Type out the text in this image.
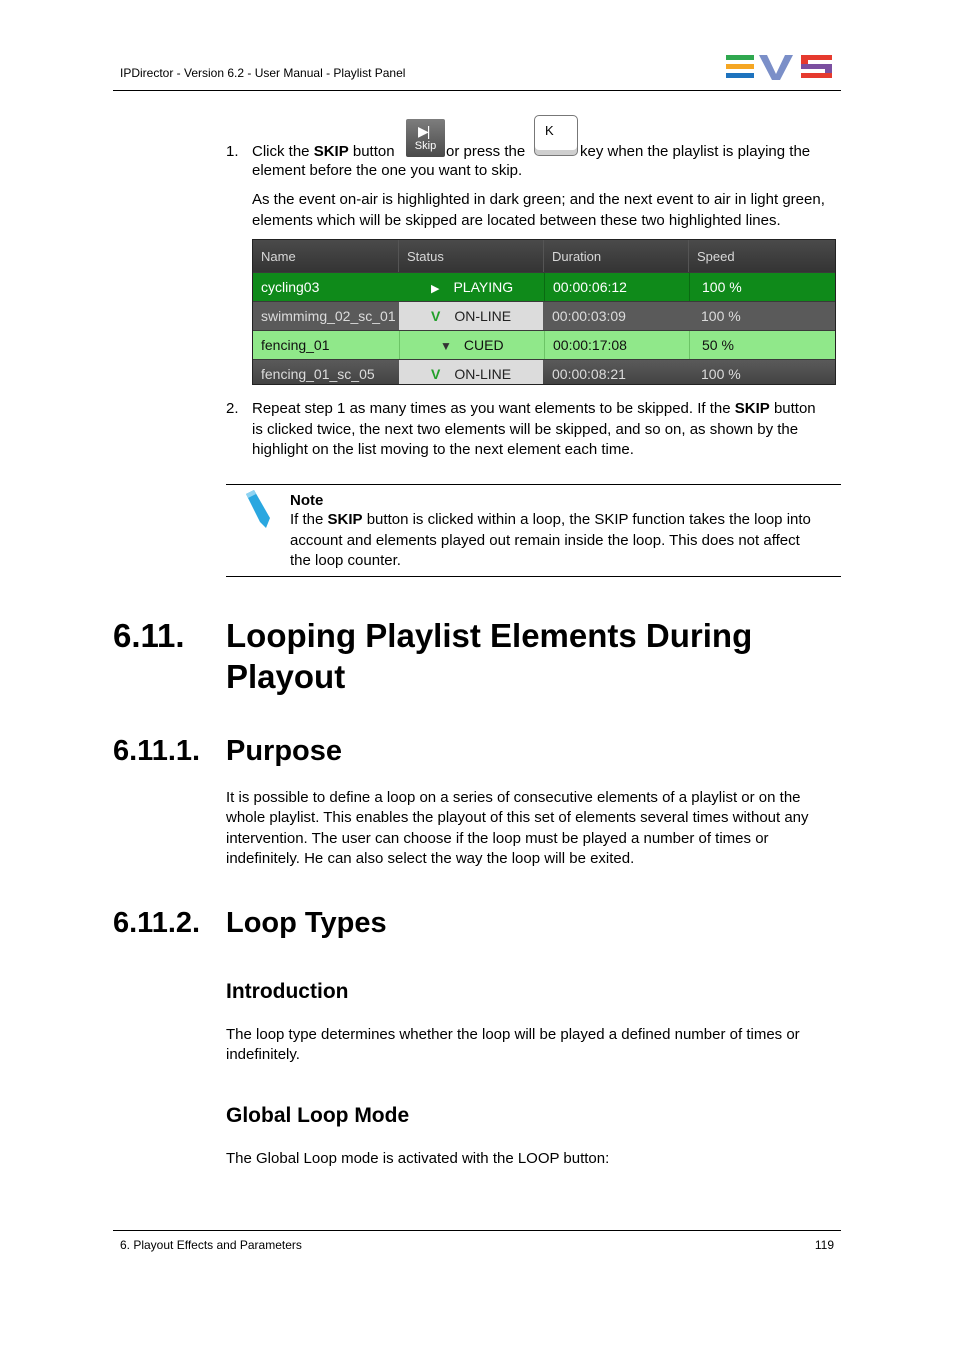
IPDirector - Version 6.2 - User Manual - Playlist Panel
1. Click the SKIP button
▶|
Skip or press the
K
key when the playlist is playing the
element before the one you want to skip.
As the event on-air is highlighted in dark green; and the next event to air in light green,
elements which will be skipped are located between these two highlighted lines.
Name	Status	Duration	Speed
cycling03	▶ PLAYING	00:00:06:12	100 %
swimmimg_02_sc_01	V ON-LINE	00:00:03:09	100 %
fencing_01	▼ CUED	00:00:17:08	50 %
fencing_01_sc_05	V ON-LINE	00:00:08:21	100 %
2. Repeat step 1 as many times as you want elements to be skipped. If the SKIP button
is clicked twice, the next two elements will be skipped, and so on, as shown by the
highlight on the list moving to the next element each time.
Note
If the SKIP button is clicked within a loop, the SKIP function takes the loop into
account and elements played out remain inside the loop. This does not affect
the loop counter.
6.11. Looping Playlist Elements During
Playout
6.11.1. Purpose
It is possible to define a loop on a series of consecutive elements of a playlist or on the
whole playlist. This enables the playout of this set of elements several times without any
intervention. The user can choose if the loop must be played a number of times or
indefinitely. He can also select the way the loop will be exited.
6.11.2. Loop Types
Introduction
The loop type determines whether the loop will be played a defined number of times or
indefinitely.
Global Loop Mode
The Global Loop mode is activated with the LOOP button:
6. Playout Effects and Parameters	119
